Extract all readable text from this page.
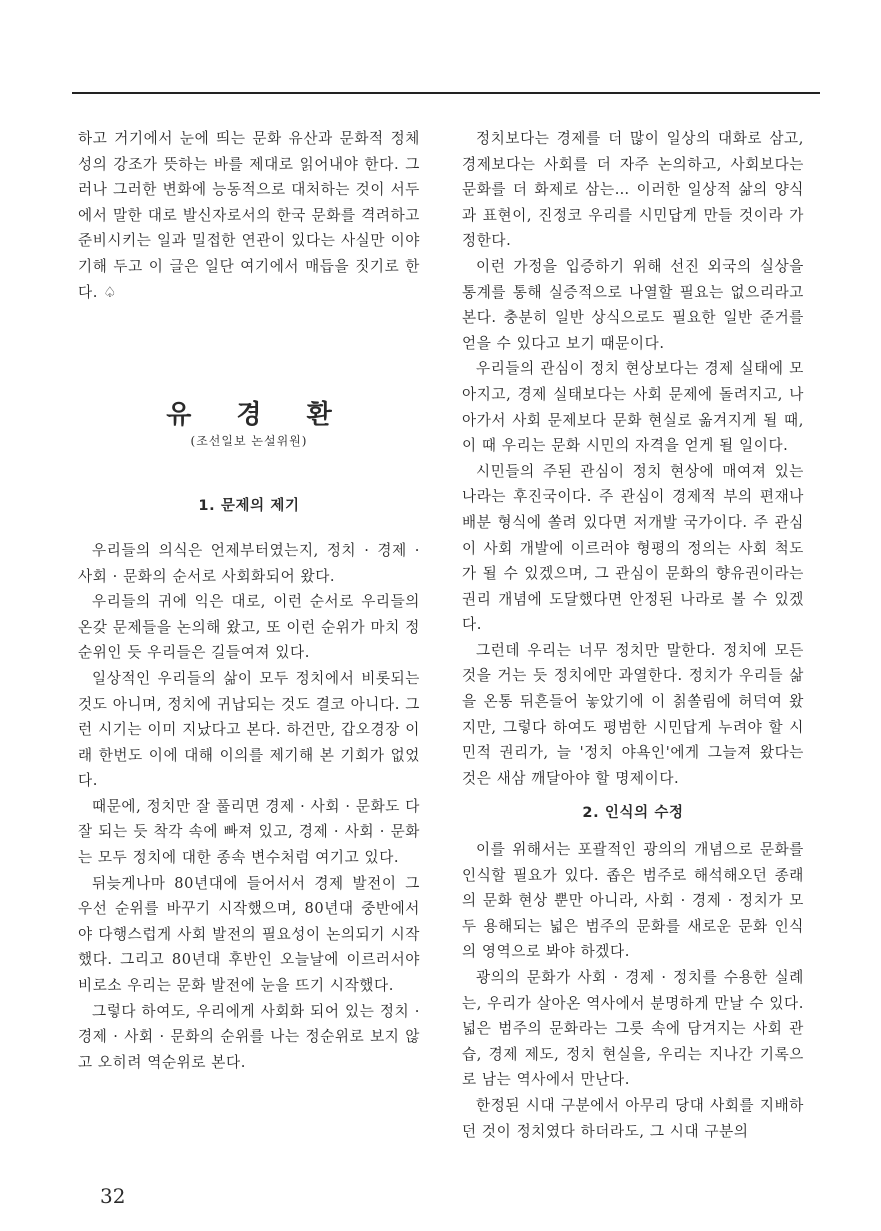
하고 거기에서 눈에 띄는 문화 유산과 문화적 정체성의 강조가 뜻하는 바를 제대로 읽어내야 한다. 그러나 그러한 변화에 능동적으로 대처하는 것이 서두에서 말한 대로 발신자로서의 한국 문화를 격려하고 준비시키는 일과 밀접한 연관이 있다는 사실만 이야기해 두고 이 글은 일단 여기에서 매듭을 짓기로 한다. ♤

유 경 환

(조선일보 논설위원)

1. 문제의 제기

우리들의 의식은 언제부터였는지, 정치 · 경제 · 사회 · 문화의 순서로 사회화되어 왔다.

우리들의 귀에 익은 대로, 이런 순서로 우리들의 온갖 문제들을 논의해 왔고, 또 이런 순위가 마치 정순위인 듯 우리들은 길들여져 있다.

일상적인 우리들의 삶이 모두 정치에서 비롯되는 것도 아니며, 정치에 귀납되는 것도 결코 아니다. 그런 시기는 이미 지났다고 본다. 하건만, 갑오경장 이래 한번도 이에 대해 이의를 제기해 본 기회가 없었다.

때문에, 정치만 잘 풀리면 경제 · 사회 · 문화도 다 잘 되는 듯 착각 속에 빠져 있고, 경제 · 사회 · 문화는 모두 정치에 대한 종속 변수처럼 여기고 있다.

뒤늦게나마 80년대에 들어서서 경제 발전이 그 우선 순위를 바꾸기 시작했으며, 80년대 중반에서야 다행스럽게 사회 발전의 필요성이 논의되기 시작했다. 그리고 80년대 후반인 오늘날에 이르러서야 비로소 우리는 문화 발전에 눈을 뜨기 시작했다.

그렇다 하여도, 우리에게 사회화 되어 있는 정치 · 경제 · 사회 · 문화의 순위를 나는 정순위로 보지 않고 오히려 역순위로 본다.

정치보다는 경제를 더 많이 일상의 대화로 삼고, 경제보다는 사회를 더 자주 논의하고, 사회보다는 문화를 더 화제로 삼는… 이러한 일상적 삶의 양식과 표현이, 진정코 우리를 시민답게 만들 것이라 가정한다.

이런 가정을 입증하기 위해 선진 외국의 실상을 통계를 통해 실증적으로 나열할 필요는 없으리라고 본다. 충분히 일반 상식으로도 필요한 일반 준거를 얻을 수 있다고 보기 때문이다.

우리들의 관심이 정치 현상보다는 경제 실태에 모아지고, 경제 실태보다는 사회 문제에 돌려지고, 나아가서 사회 문제보다 문화 현실로 옮겨지게 될 때, 이 때 우리는 문화 시민의 자격을 얻게 될 일이다.

시민들의 주된 관심이 정치 현상에 매여져 있는 나라는 후진국이다. 주 관심이 경제적 부의 편재나 배분 형식에 쏠려 있다면 저개발 국가이다. 주 관심이 사회 개발에 이르러야 형평의 정의는 사회 척도가 될 수 있겠으며, 그 관심이 문화의 향유권이라는 권리 개념에 도달했다면 안정된 나라로 볼 수 있겠다.

그런데 우리는 너무 정치만 말한다. 정치에 모든 것을 거는 듯 정치에만 과열한다. 정치가 우리들 삶을 온통 뒤흔들어 놓았기에 이 칡쏠림에 허덕여 왔지만, 그렇다 하여도 평범한 시민답게 누려야 할 시민적 권리가, 늘 '정치 야욕인'에게 그늘져 왔다는 것은 새삼 깨달아야 할 명제이다.

2. 인식의 수정

이를 위해서는 포괄적인 광의의 개념으로 문화를 인식할 필요가 있다. 좁은 범주로 해석해오던 종래의 문화 현상 뿐만 아니라, 사회 · 경제 · 정치가 모두 용해되는 넓은 범주의 문화를 새로운 문화 인식의 영역으로 봐야 하겠다.

광의의 문화가 사회 · 경제 · 정치를 수용한 실례는, 우리가 살아온 역사에서 분명하게 만날 수 있다. 넓은 범주의 문화라는 그릇 속에 담겨지는 사회 관습, 경제 제도, 정치 현실을, 우리는 지나간 기록으로 남는 역사에서 만난다.

한정된 시대 구분에서 아무리 당대 사회를 지배하던 것이 정치였다 하더라도, 그 시대 구분의

32
